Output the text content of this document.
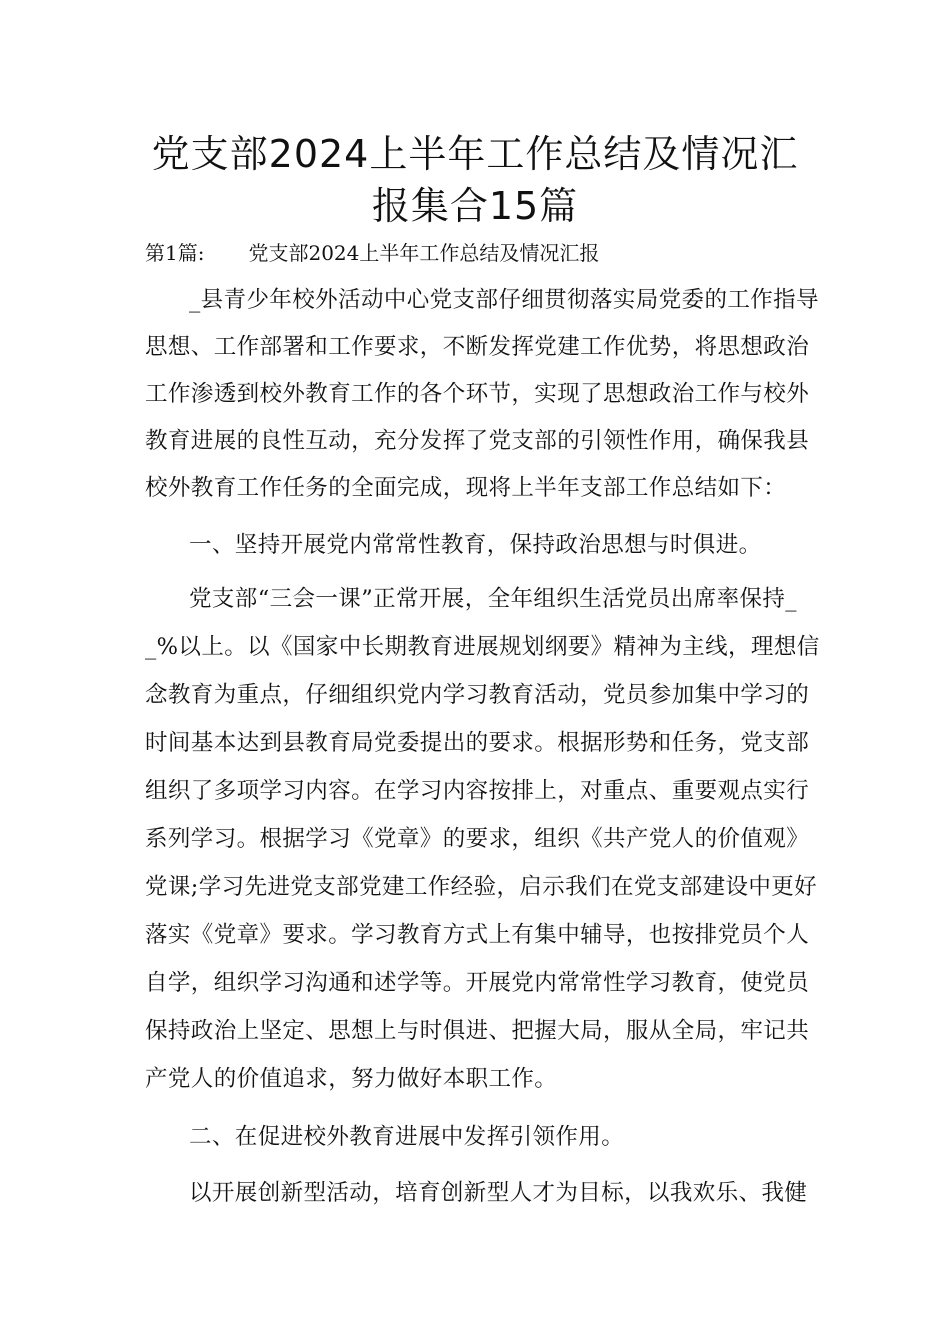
党支部2024上半年工作总结及情况汇
报集合15篇
第1篇: 党支部2024上半年工作总结及情况汇报
_县青少年校外活动中心党支部仔细贯彻落实局党委的工作指导
思想、工作部署和工作要求，不断发挥党建工作优势，将思想政治
工作渗透到校外教育工作的各个环节，实现了思想政治工作与校外
教育进展的良性互动，充分发挥了党支部的引领性作用，确保我县
校外教育工作任务的全面完成，现将上半年支部工作总结如下：
一、坚持开展党内常常性教育，保持政治思想与时俱进。
党支部“三会一课”正常开展，全年组织生活党员出席率保持_
_%以上。以《国家中长期教育进展规划纲要》精神为主线，理想信
念教育为重点，仔细组织党内学习教育活动，党员参加集中学习的
时间基本达到县教育局党委提出的要求。根据形势和任务，党支部
组织了多项学习内容。在学习内容按排上，对重点、重要观点实行
系列学习。根据学习《党章》的要求，组织《共产党人的价值观》
党课;学习先进党支部党建工作经验，启示我们在党支部建设中更好
落实《党章》要求。学习教育方式上有集中辅导，也按排党员个人
自学，组织学习沟通和述学等。开展党内常常性学习教育，使党员
保持政治上坚定、思想上与时俱进、把握大局，服从全局，牢记共
产党人的价值追求，努力做好本职工作。
二、在促进校外教育进展中发挥引领作用。
以开展创新型活动，培育创新型人才为目标，以我欢乐、我健
